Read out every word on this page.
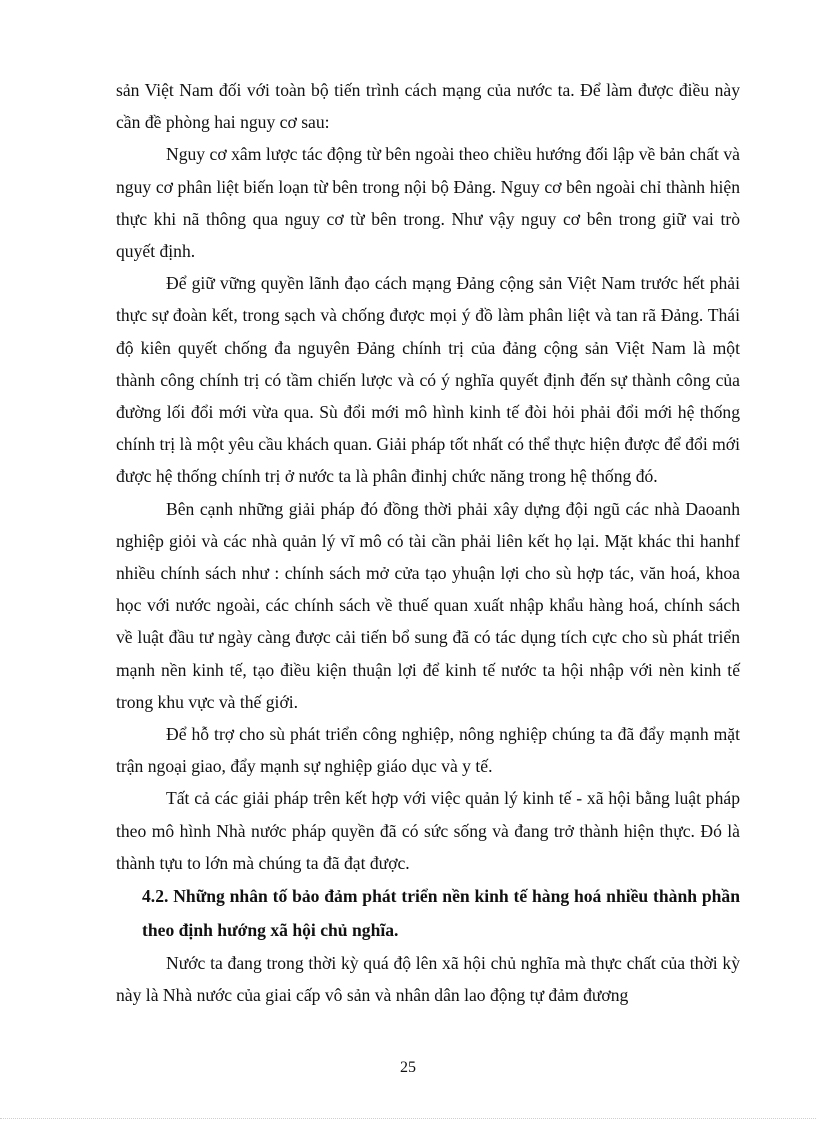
sản Việt Nam đối với toàn bộ tiến trình cách mạng của nước ta. Để làm được điều này cần đề phòng hai nguy cơ sau:

Nguy cơ xâm lược tác động từ bên ngoài theo chiều hướng đối lập về bản chất và nguy cơ phân liệt biến loạn từ bên trong nội bộ Đảng. Nguy cơ bên ngoài chỉ thành hiện thực khi nã thông qua nguy cơ từ bên trong. Như vậy nguy cơ bên trong giữ vai trò quyết định.

Để giữ vững quyền lãnh đạo cách mạng Đảng cộng sản Việt Nam trước hết phải thực sự đoàn kết, trong sạch và chống được mọi ý đồ làm phân liệt và tan rã Đảng. Thái độ kiên quyết chống đa nguyên Đảng chính trị của đảng cộng sản Việt Nam là một thành công chính trị có tầm chiến lược và có ý nghĩa quyết định đến sự thành công của đường lối đổi mới vừa qua. Sù đổi mới mô hình kinh tế đòi hỏi phải đổi mới hệ thống chính trị là một yêu cầu khách quan. Giải pháp tốt nhất có thể thực hiện được để đổi mới được hệ thống chính trị ở nước ta là phân đinhj chức năng trong hệ thống đó.

Bên cạnh những giải pháp đó đồng thời phải xây dựng đội ngũ các nhà Daoanh nghiệp giỏi và các nhà quản lý vĩ mô có tài cần phải liên kết họ lại. Mặt khác thi hanhf nhiều chính sách như : chính sách mở cửa tạo yhuận lợi cho sù hợp tác, văn hoá, khoa học với nước ngoài, các chính sách về thuế quan xuất nhập khẩu hàng hoá, chính sách về luật đầu tư ngày càng được cải tiến bổ sung đã có tác dụng tích cực cho sù phát triển mạnh nền kinh tế, tạo điều kiện thuận lợi để kinh tế nước ta hội nhập với nèn kinh tế trong khu vực và thế giới.

Để hỗ trợ cho sù phát triển công nghiệp, nông nghiệp chúng ta đã đẩy mạnh mặt trận ngoại giao, đẩy mạnh sự nghiệp giáo dục và y tế.

Tất cả các giải pháp trên kết hợp với việc quản lý kinh tế - xã hội bằng luật pháp theo mô hình Nhà nước pháp quyền đã có sức sống và đang trở thành hiện thực. Đó là thành tựu to lớn mà chúng ta đã đạt được.

4.2. Những nhân tố bảo đảm phát triển nền kinh tế hàng hoá nhiều thành phần theo định hướng xã hội chủ nghĩa.

Nước ta đang trong thời kỳ quá độ lên xã hội chủ nghĩa mà thực chất của thời kỳ này là Nhà nước của giai cấp vô sản và nhân dân lao động tự đảm đương

25
